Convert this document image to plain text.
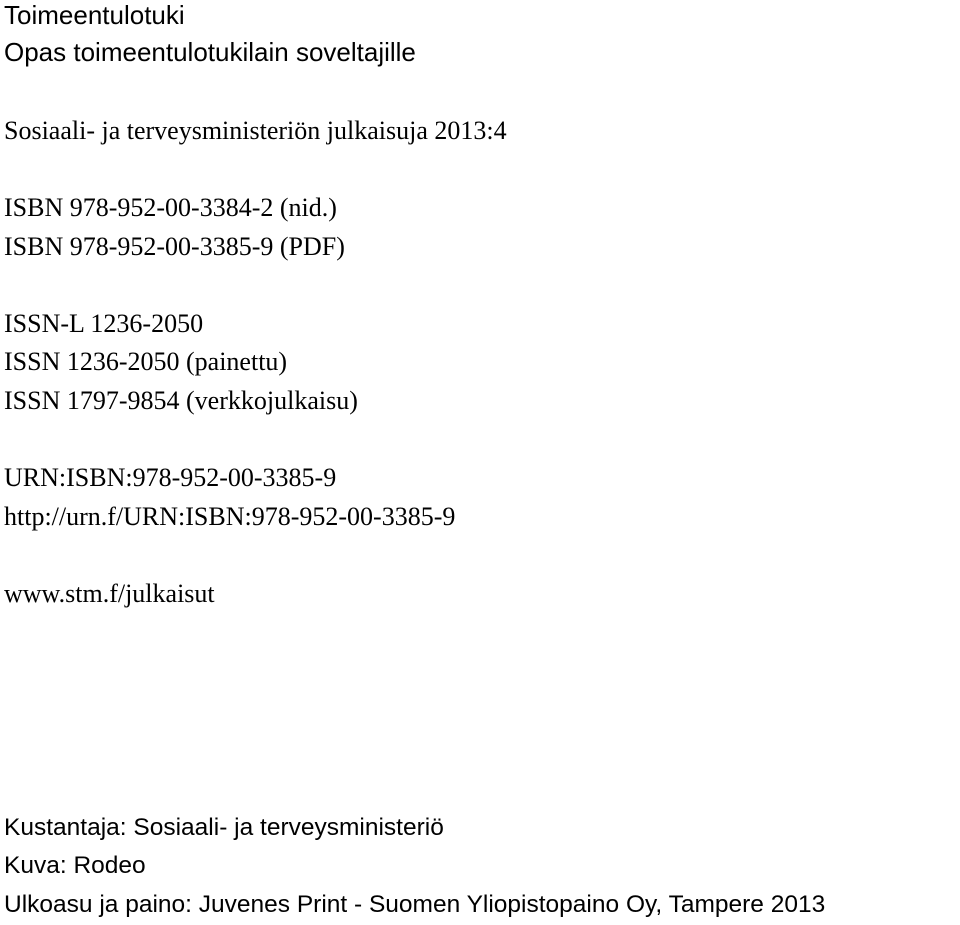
Toimeentulotuki
Opas toimeentulotukilain soveltajille
Sosiaali- ja terveysministeriön julkaisuja 2013:4
ISBN 978-952-00-3384-2 (nid.)
ISBN 978-952-00-3385-9 (PDF)
ISSN-L 1236-2050
ISSN 1236-2050 (painettu)
ISSN 1797-9854 (verkkojulkaisu)
URN:ISBN:978-952-00-3385-9
http://urn.f/URN:ISBN:978-952-00-3385-9
www.stm.f/julkaisut
Kustantaja: Sosiaali- ja terveysministeriö
Kuva: Rodeo
Ulkoasu ja paino: Juvenes Print - Suomen Yliopistopaino Oy, Tampere 2013
